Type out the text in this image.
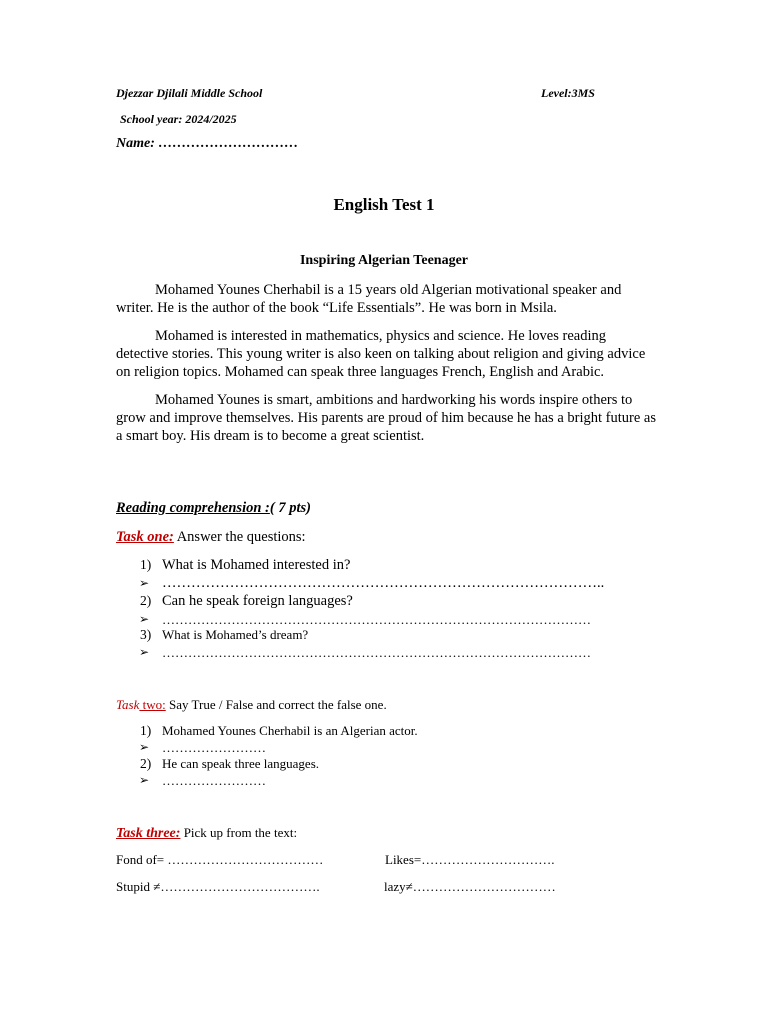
Djezzar Djilali Middle School	Level:3MS
School year: 2024/2025
Name: …………………………
English Test 1
Inspiring Algerian Teenager

Mohamed Younes Cherhabil is a 15 years old Algerian motivational speaker and writer. He is the author of the book “Life Essentials”. He was born in Msila.

Mohamed is interested in mathematics, physics and science. He loves reading detective stories. This young writer is also keen on talking about religion and giving advice on religion topics. Mohamed can speak three languages French, English and Arabic.

Mohamed Younes is smart, ambitions and hardworking his words inspire others to grow and improve themselves. His parents are proud of him because he has a bright future as a smart boy. His dream is to become a great scientist.

Reading comprehension :( 7 pts)
Task one: Answer the questions:
1) What is Mohamed interested in?
➢ ………………………………………………………………………………..
2) Can he speak foreign languages?
➢ ………………………………………………………………………………………
3) What is Mohamed’s dream?
➢ ………………………………………………………………………………………
Task two: Say True / False and correct the false one.
1) Mohamed Younes Cherhabil is an Algerian actor.
➢ ……………………
2) He can speak three languages.
➢ ……………………
Task three: Pick up from the text:
Fond of= ………………………………	Likes=………………………….
Stupid ≠……………………………….	lazy≠……………………………
